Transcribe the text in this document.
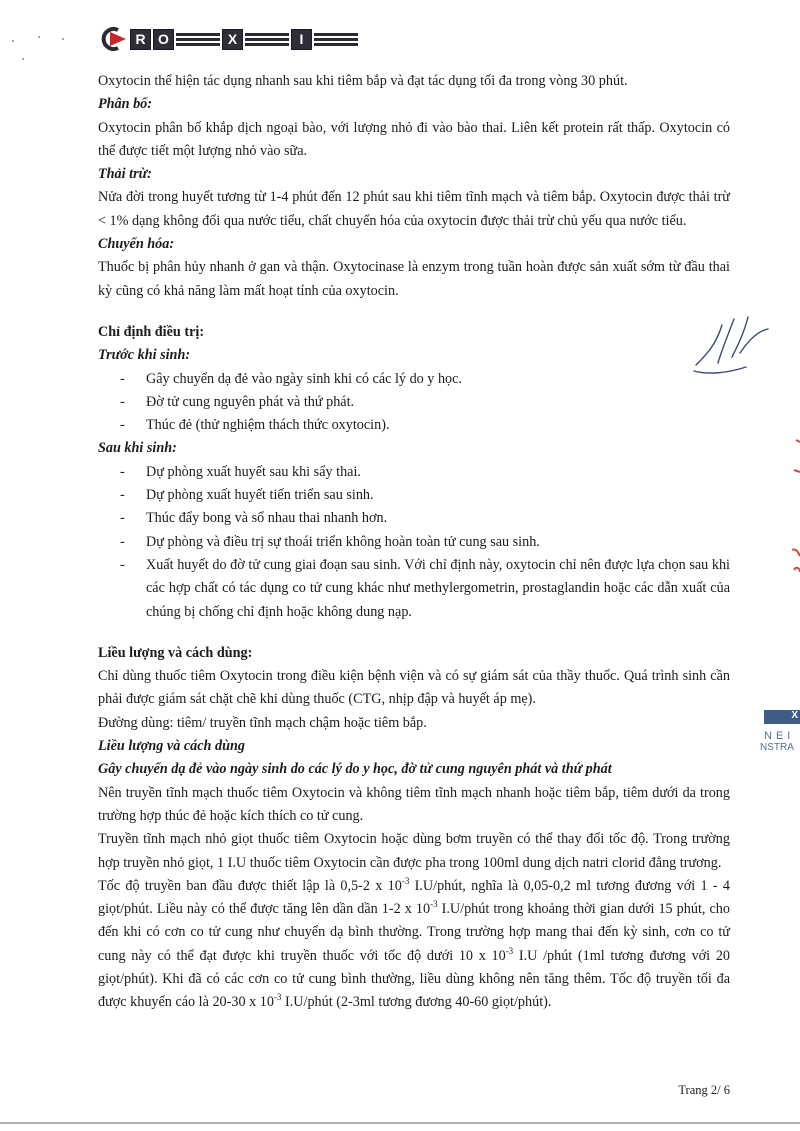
R O	X	I

Oxytocin thể hiện tác dụng nhanh sau khi tiêm bắp và đạt tác dụng tối đa trong vòng 30 phút.

Phân bố:

Oxytocin phân bố khắp dịch ngoại bào, với lượng nhỏ đi vào bào thai. Liên kết protein rất thấp. Oxytocin có thể được tiết một lượng nhỏ vào sữa.

Thải trừ:

Nửa đời trong huyết tương từ 1-4 phút đến 12 phút sau khi tiêm tĩnh mạch và tiêm bắp. Oxytocin được thải trừ < 1% dạng không đổi qua nước tiểu, chất chuyển hóa của oxytocin được thải trừ chủ yếu qua nước tiểu.

Chuyển hóa:

Thuốc bị phân hủy nhanh ở gan và thận. Oxytocinase là enzym trong tuần hoàn được sản xuất sớm từ đầu thai kỳ cũng có khả năng làm mất hoạt tính của oxytocin.

Chỉ định điều trị:

Trước khi sinh:

- Gây chuyển dạ đẻ vào ngày sinh khi có các lý do y học.
- Đờ tử cung nguyên phát và thứ phát.
- Thúc đẻ (thử nghiệm thách thức oxytocin).

Sau khi sinh:

- Dự phòng xuất huyết sau khi sẩy thai.
- Dự phòng xuất huyết tiến triển sau sinh.
- Thúc đẩy bong và sổ nhau thai nhanh hơn.
- Dự phòng và điều trị sự thoái triển không hoàn toàn tử cung sau sinh.
- Xuất huyết do đờ tử cung giai đoạn sau sinh. Với chỉ định này, oxytocin chỉ nên được lựa chọn sau khi các hợp chất có tác dụng co tử cung khác như methylergometrin, prostaglandin hoặc các dẫn xuất của chúng bị chống chỉ định hoặc không dung nạp.

Liều lượng và cách dùng:

Chỉ dùng thuốc tiêm Oxytocin trong điều kiện bệnh viện và có sự giám sát của thầy thuốc. Quá trình sinh cần phải được giám sát chặt chẽ khi dùng thuốc (CTG, nhịp đập và huyết áp mẹ).

Đường dùng: tiêm/ truyền tĩnh mạch chậm hoặc tiêm bắp.

Liều lượng và cách dùng

Gây chuyển dạ đẻ vào ngày sinh do các lý do y học, đờ tử cung nguyên phát và thứ phát

Nên truyền tĩnh mạch thuốc tiêm Oxytocin và không tiêm tĩnh mạch nhanh hoặc tiêm bắp, tiêm dưới da trong trường hợp thúc đẻ hoặc kích thích co tử cung.

Truyền tĩnh mạch nhỏ giọt thuốc tiêm Oxytocin hoặc dùng bơm truyền có thể thay đổi tốc độ. Trong trường hợp truyền nhỏ giọt, 1 I.U thuốc tiêm Oxytocin cần được pha trong 100ml dung dịch natri clorid đẳng trương.

Tốc độ truyền ban đầu được thiết lập là 0,5-2 x $10^{-3}$ I.U/phút, nghĩa là 0,05-0,2 ml tương đương với 1 - 4 giọt/phút. Liều này có thể được tăng lên dần dần 1-2 x $10^{-3}$ I.U/phút trong khoảng thời gian dưới 15 phút, cho đến khi có cơn co tử cung như chuyển dạ bình thường. Trong trường hợp mang thai đến kỳ sinh, cơn co tử cung này có thể đạt được khi truyền thuốc với tốc độ dưới 10 x $10^{-3}$ I.U /phút (1ml tương đương với 20 giọt/phút). Khi đã có các cơn co tử cung bình thường, liều dùng không nên tăng thêm. Tốc độ truyền tối đa được khuyến cáo là 20-30 x $10^{-3}$ I.U/phút (2-3ml tương đương 40-60 giọt/phút).

X
NEI
NSTRA
Trang 2/ 6
